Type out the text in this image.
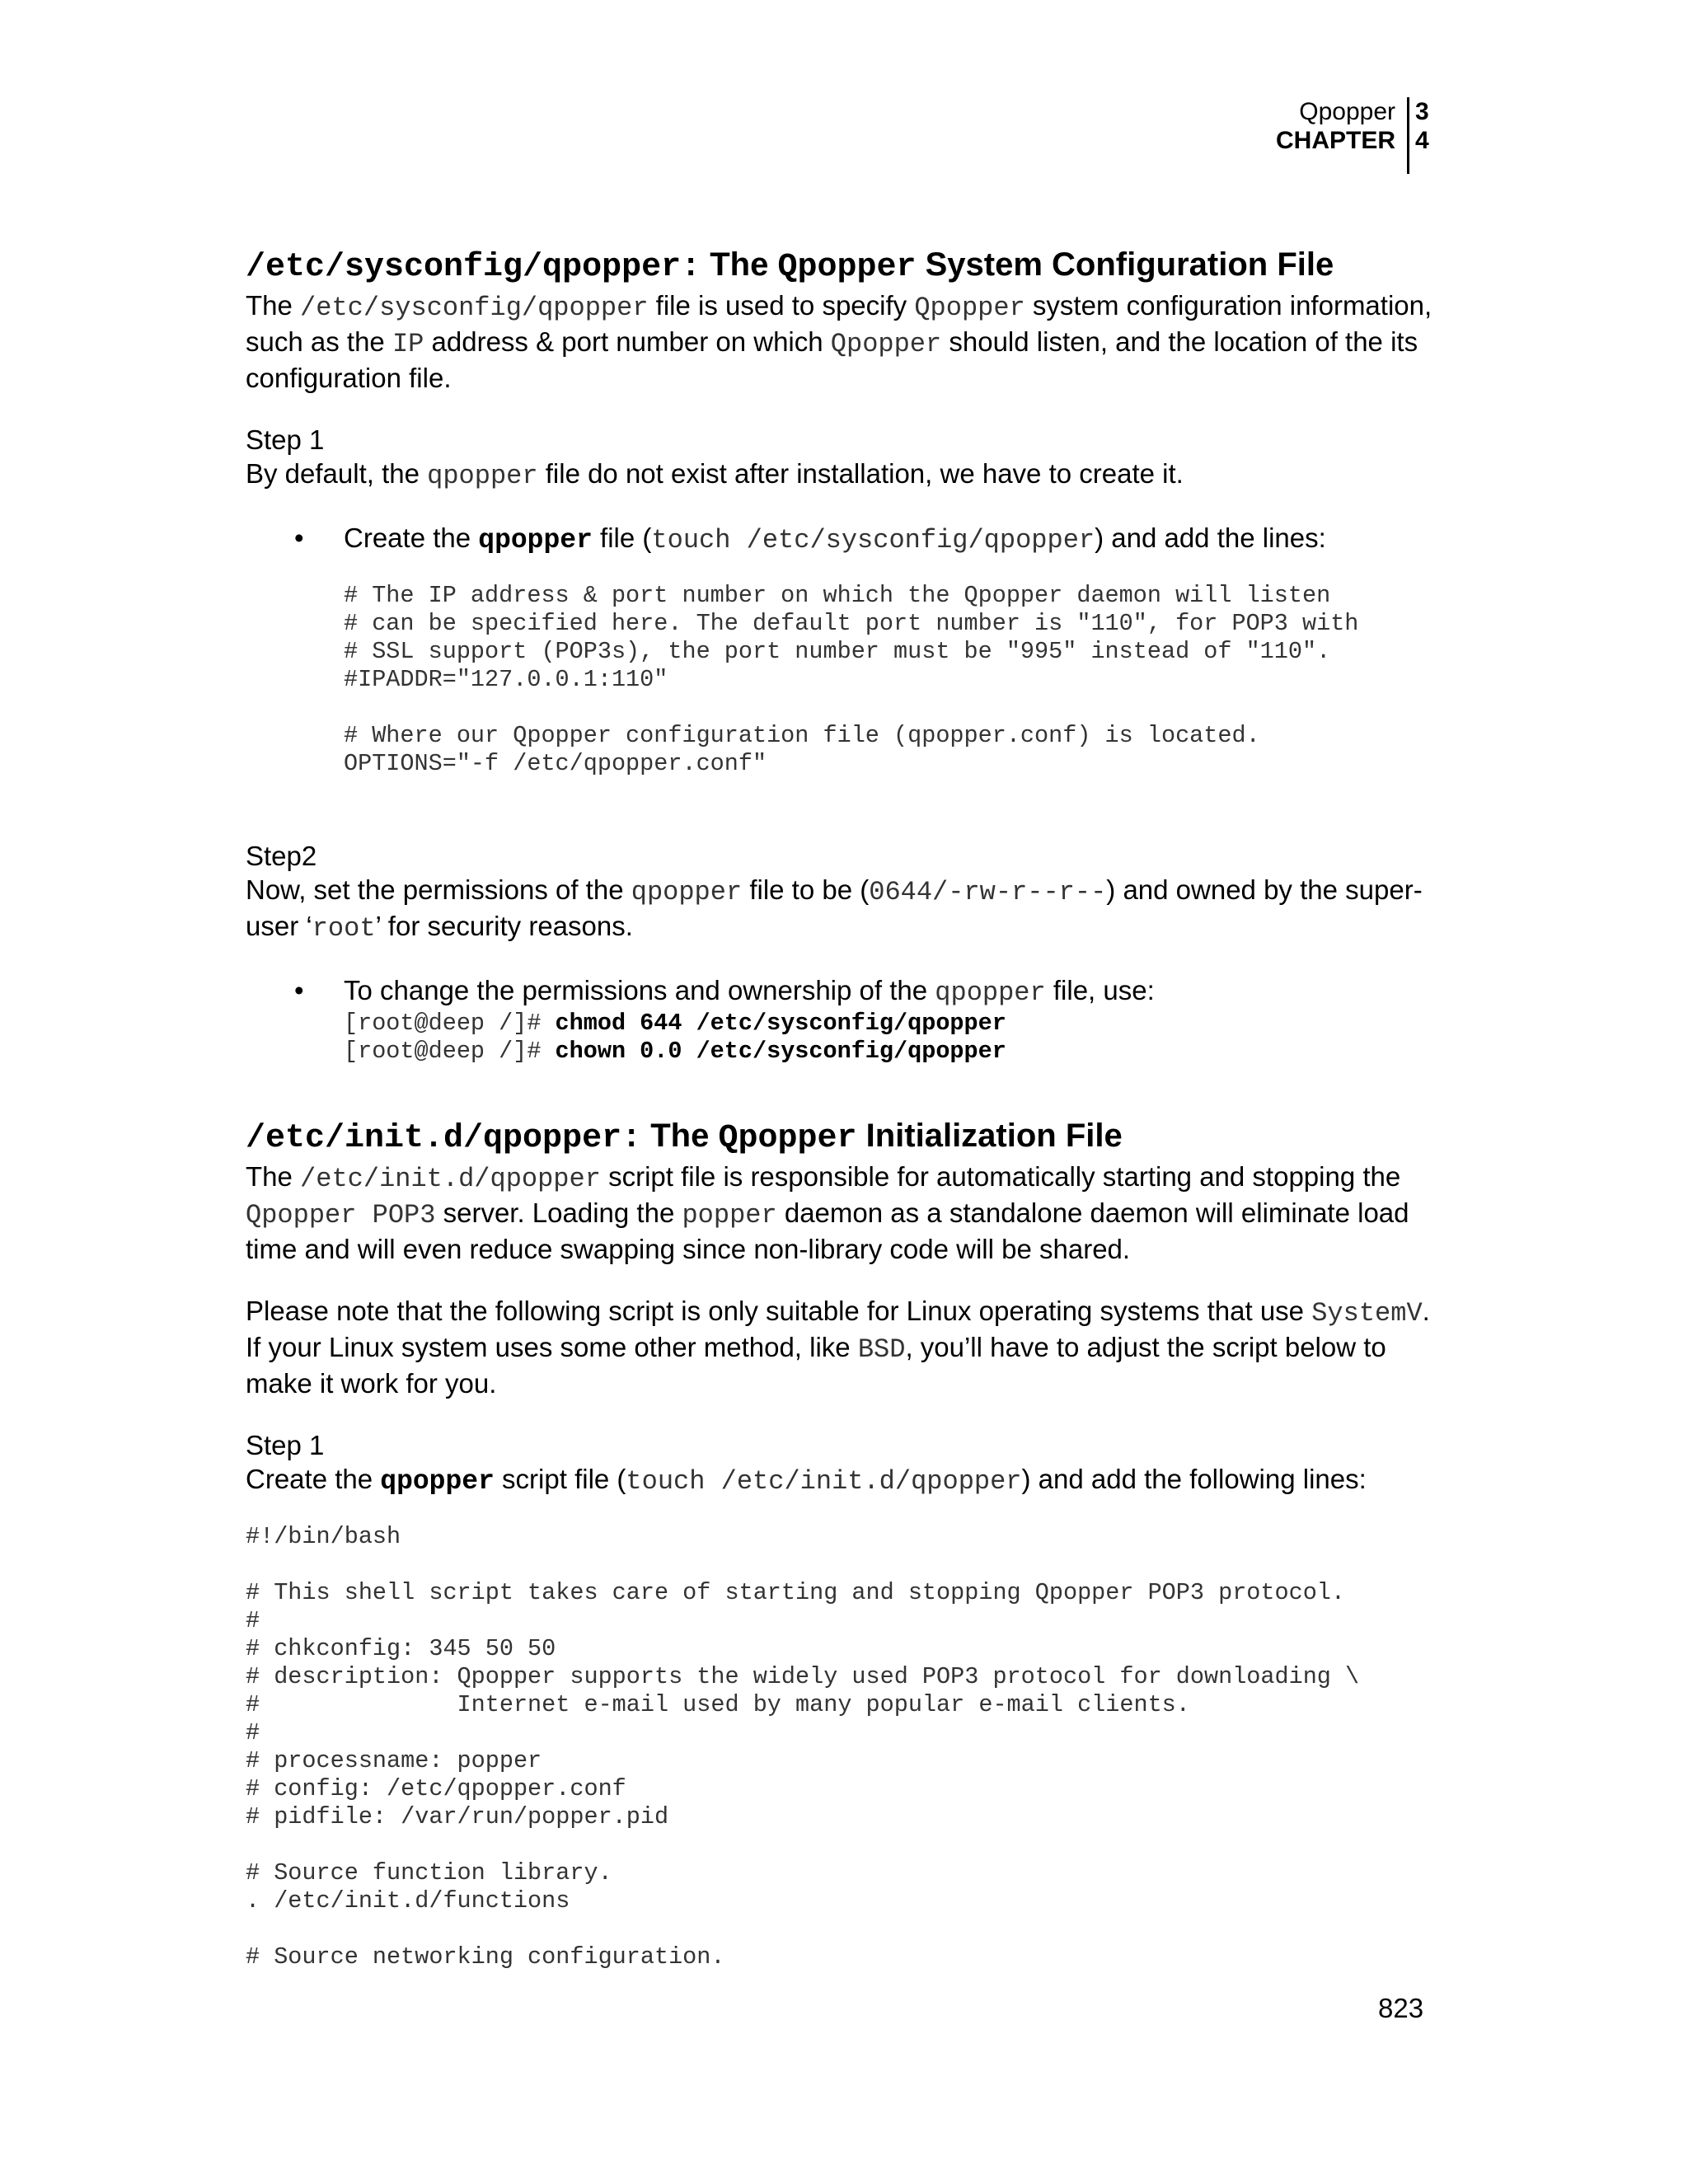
Qpopper
CHAPTER
3
4
/etc/sysconfig/qpopper: The Qpopper System Configuration File

The /etc/sysconfig/qpopper file is used to specify Qpopper system configuration information, such as the IP address & port number on which Qpopper should listen, and the location of the its configuration file.

Step 1

By default, the qpopper file do not exist after installation, we have to create it.

• Create the qpopper file (touch /etc/sysconfig/qpopper) and add the lines:
# The IP address & port number on which the Qpopper daemon will listen
# can be specified here. The default port number is "110", for POP3 with
# SSL support (POP3s), the port number must be "995" instead of "110".
#IPADDR="127.0.0.1:110"

# Where our Qpopper configuration file (qpopper.conf) is located.
OPTIONS="-f /etc/qpopper.conf"

Step2

Now, set the permissions of the qpopper file to be (0644/-rw-r--r--) and owned by the super-user ‘root’ for security reasons.

• To change the permissions and ownership of the qpopper file, use:
[root@deep /]# chmod 644 /etc/sysconfig/qpopper
[root@deep /]# chown 0.0 /etc/sysconfig/qpopper
/etc/init.d/qpopper: The Qpopper Initialization File

The /etc/init.d/qpopper script file is responsible for automatically starting and stopping the Qpopper POP3 server. Loading the popper daemon as a standalone daemon will eliminate load time and will even reduce swapping since non-library code will be shared.

Please note that the following script is only suitable for Linux operating systems that use SystemV. If your Linux system uses some other method, like BSD, you’ll have to adjust the script below to make it work for you.

Step 1

Create the qpopper script file (touch /etc/init.d/qpopper) and add the following lines:

#!/bin/bash

# This shell script takes care of starting and stopping Qpopper POP3 protocol.
#
# chkconfig: 345 50 50
# description: Qpopper supports the widely used POP3 protocol for downloading \
#              Internet e-mail used by many popular e-mail clients.
#
# processname: popper
# config: /etc/qpopper.conf
# pidfile: /var/run/popper.pid

# Source function library.
. /etc/init.d/functions

# Source networking configuration.
823
